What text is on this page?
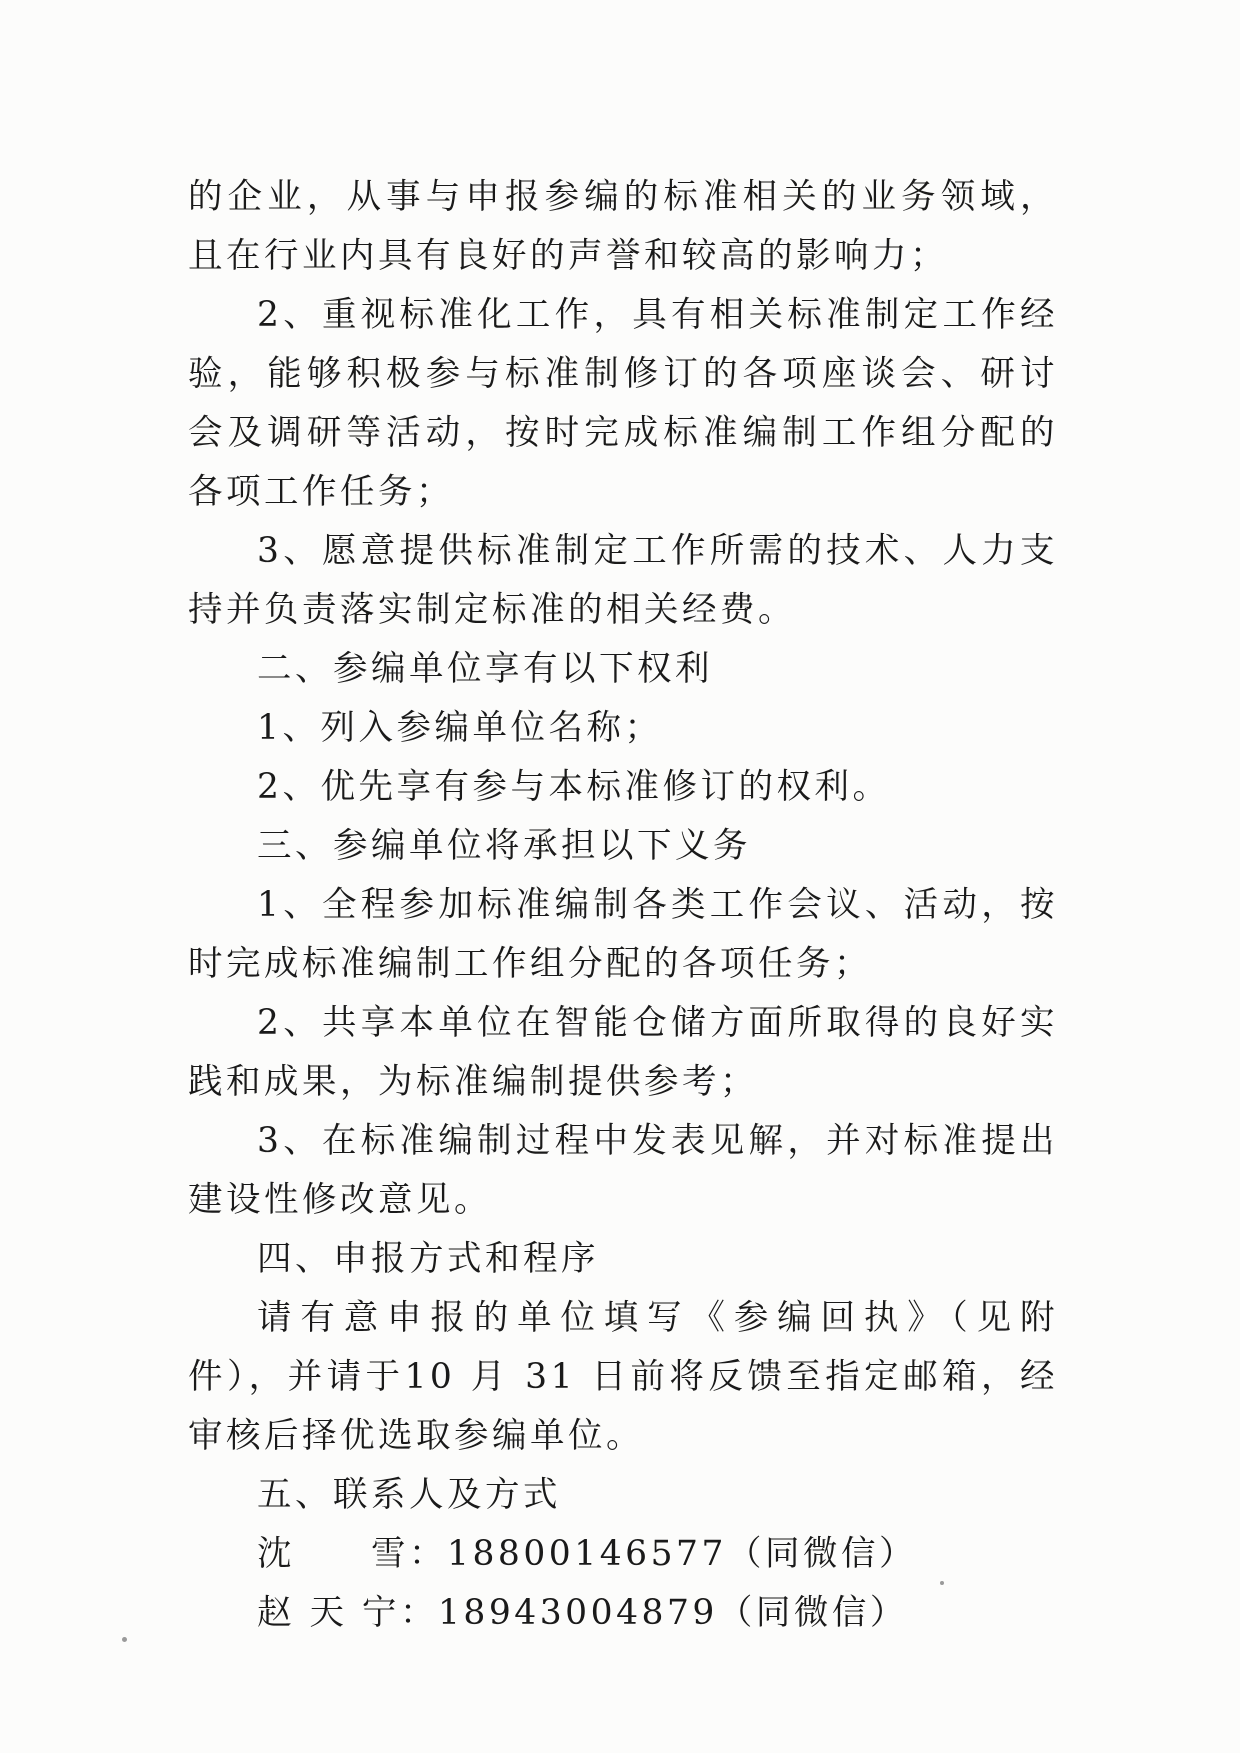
的企业，从事与申报参编的标准相关的业务领域，且在行业内具有良好的声誉和较高的影响力；

2、重视标准化工作，具有相关标准制定工作经验，能够积极参与标准制修订的各项座谈会、研讨会及调研等活动，按时完成标准编制工作组分配的各项工作任务；

3、愿意提供标准制定工作所需的技术、人力支持并负责落实制定标准的相关经费。

二、参编单位享有以下权利

1、列入参编单位名称；

2、优先享有参与本标准修订的权利。

三、参编单位将承担以下义务

1、全程参加标准编制各类工作会议、活动，按时完成标准编制工作组分配的各项任务；

2、共享本单位在智能仓储方面所取得的良好实践和成果，为标准编制提供参考；

3、在标准编制过程中发表见解，并对标准提出建设性修改意见。

四、申报方式和程序

请有意申报的单位填写《参编回执》（见附件），并请于10 月 31 日前将反馈至指定邮箱，经审核后择优选取参编单位。

五、联系人及方式

沈　　雪：18800146577（同微信）

赵 天 宁：18943004879（同微信）
